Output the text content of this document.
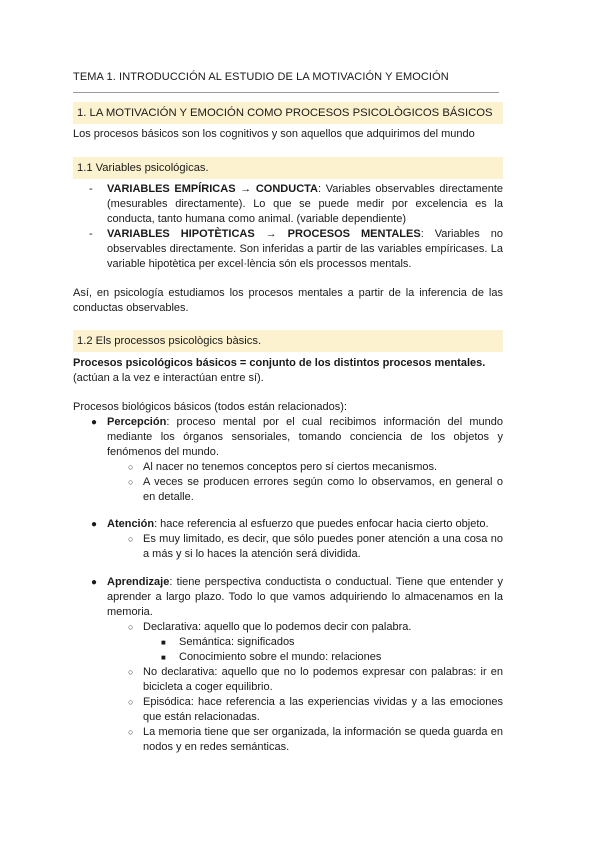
TEMA 1. INTRODUCCIÓN AL ESTUDIO DE LA MOTIVACIÓN Y EMOCIÓN
1. LA MOTIVACIÓN Y EMOCIÓN COMO PROCESOS PSICOLÒGICOS BÁSICOS
Los procesos básicos son los cognitivos y son aquellos que adquirimos del mundo
1.1 Variables psicológicas.
- VARIABLES EMPÍRICAS → CONDUCTA: Variables observables directamente (mesurables directamente). Lo que se puede medir por excelencia es la conducta, tanto humana como animal. (variable dependiente)
- VARIABLES HIPOTÈTICAS → PROCESOS MENTALES: Variables no observables directamente. Son inferidas a partir de las variables empíricases. La variable hipotètica per excel·lència són els processos mentals.
Así, en psicología estudiamos los procesos mentales a partir de la inferencia de las conductas observables.
1.2 Els processos psicològics bàsics.
Procesos psicológicos básicos = conjunto de los distintos procesos mentales.
(actúan a la vez e interactúan entre sí).
Procesos biológicos básicos (todos están relacionados):
● Percepción: proceso mental por el cual recibimos información del mundo mediante los órganos sensoriales, tomando conciencia de los objetos y fenómenos del mundo.
○ Al nacer no tenemos conceptos pero sí ciertos mecanismos.
○ A veces se producen errores según como lo observamos, en general o en detalle.
● Atención: hace referencia al esfuerzo que puedes enfocar hacia cierto objeto.
○ Es muy limitado, es decir, que sólo puedes poner atención a una cosa no a más y si lo haces la atención será dividida.
● Aprendizaje: tiene perspectiva conductista o conductual. Tiene que entender y aprender a largo plazo. Todo lo que vamos adquiriendo lo almacenamos en la memoria.
○ Declarativa: aquello que lo podemos decir con palabra.
■ Semántica: significados
■ Conocimiento sobre el mundo: relaciones
○ No declarativa: aquello que no lo podemos expresar con palabras: ir en bicicleta a coger equilibrio.
○ Episódica: hace referencia a las experiencias vividas y a las emociones que están relacionadas.
○ La memoria tiene que ser organizada, la información se queda guarda en nodos y en redes semánticas.
